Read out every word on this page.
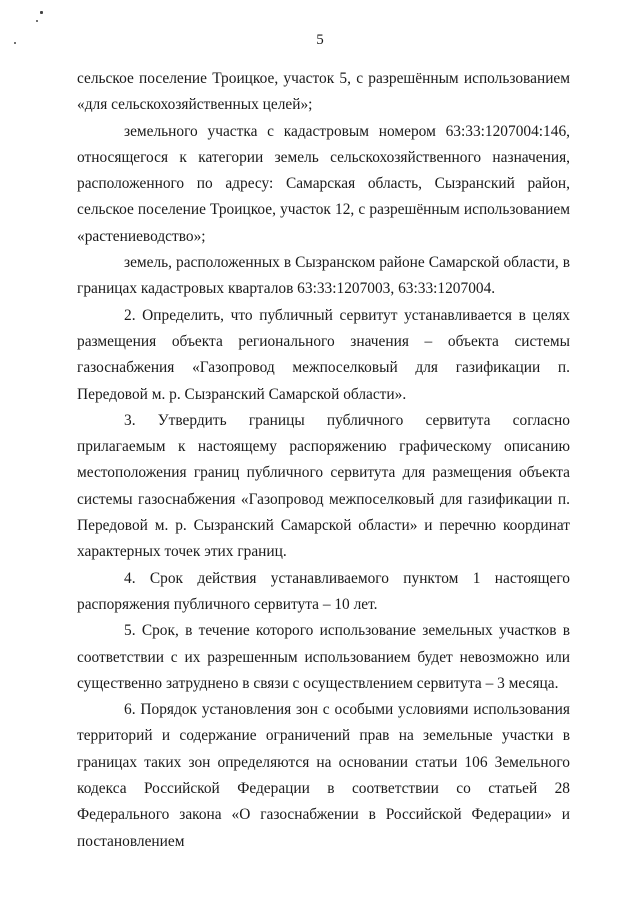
5

сельское поселение Троицкое, участок 5, с разрешённым использованием «для сельскохозяйственных целей»;

земельного участка с кадастровым номером 63:33:1207004:146, относящегося к категории земель сельскохозяйственного назначения, расположенного по адресу: Самарская область, Сызранский район, сельское поселение Троицкое, участок 12, с разрешённым использованием «растениеводство»;

земель, расположенных в Сызранском районе Самарской области, в границах кадастровых кварталов 63:33:1207003, 63:33:1207004.

2. Определить, что публичный сервитут устанавливается в целях размещения объекта регионального значения – объекта системы газоснабжения «Газопровод межпоселковый для газификации п. Передовой м. р. Сызранский Самарской области».

3. Утвердить границы публичного сервитута согласно прилагаемым к настоящему распоряжению графическому описанию местоположения границ публичного сервитута для размещения объекта системы газоснабжения «Газопровод межпоселковый для газификации п. Передовой м. р. Сызранский Самарской области» и перечню координат характерных точек этих границ.

4. Срок действия устанавливаемого пунктом 1 настоящего распоряжения публичного сервитута – 10 лет.

5. Срок, в течение которого использование земельных участков в соответствии с их разрешенным использованием будет невозможно или существенно затруднено в связи с осуществлением сервитута – 3 месяца.

6. Порядок установления зон с особыми условиями использования территорий и содержание ограничений прав на земельные участки в границах таких зон определяются на основании статьи 106 Земельного кодекса Российской Федерации в соответствии со статьей 28 Федерального закона «О газоснабжении в Российской Федерации» и постановлением
